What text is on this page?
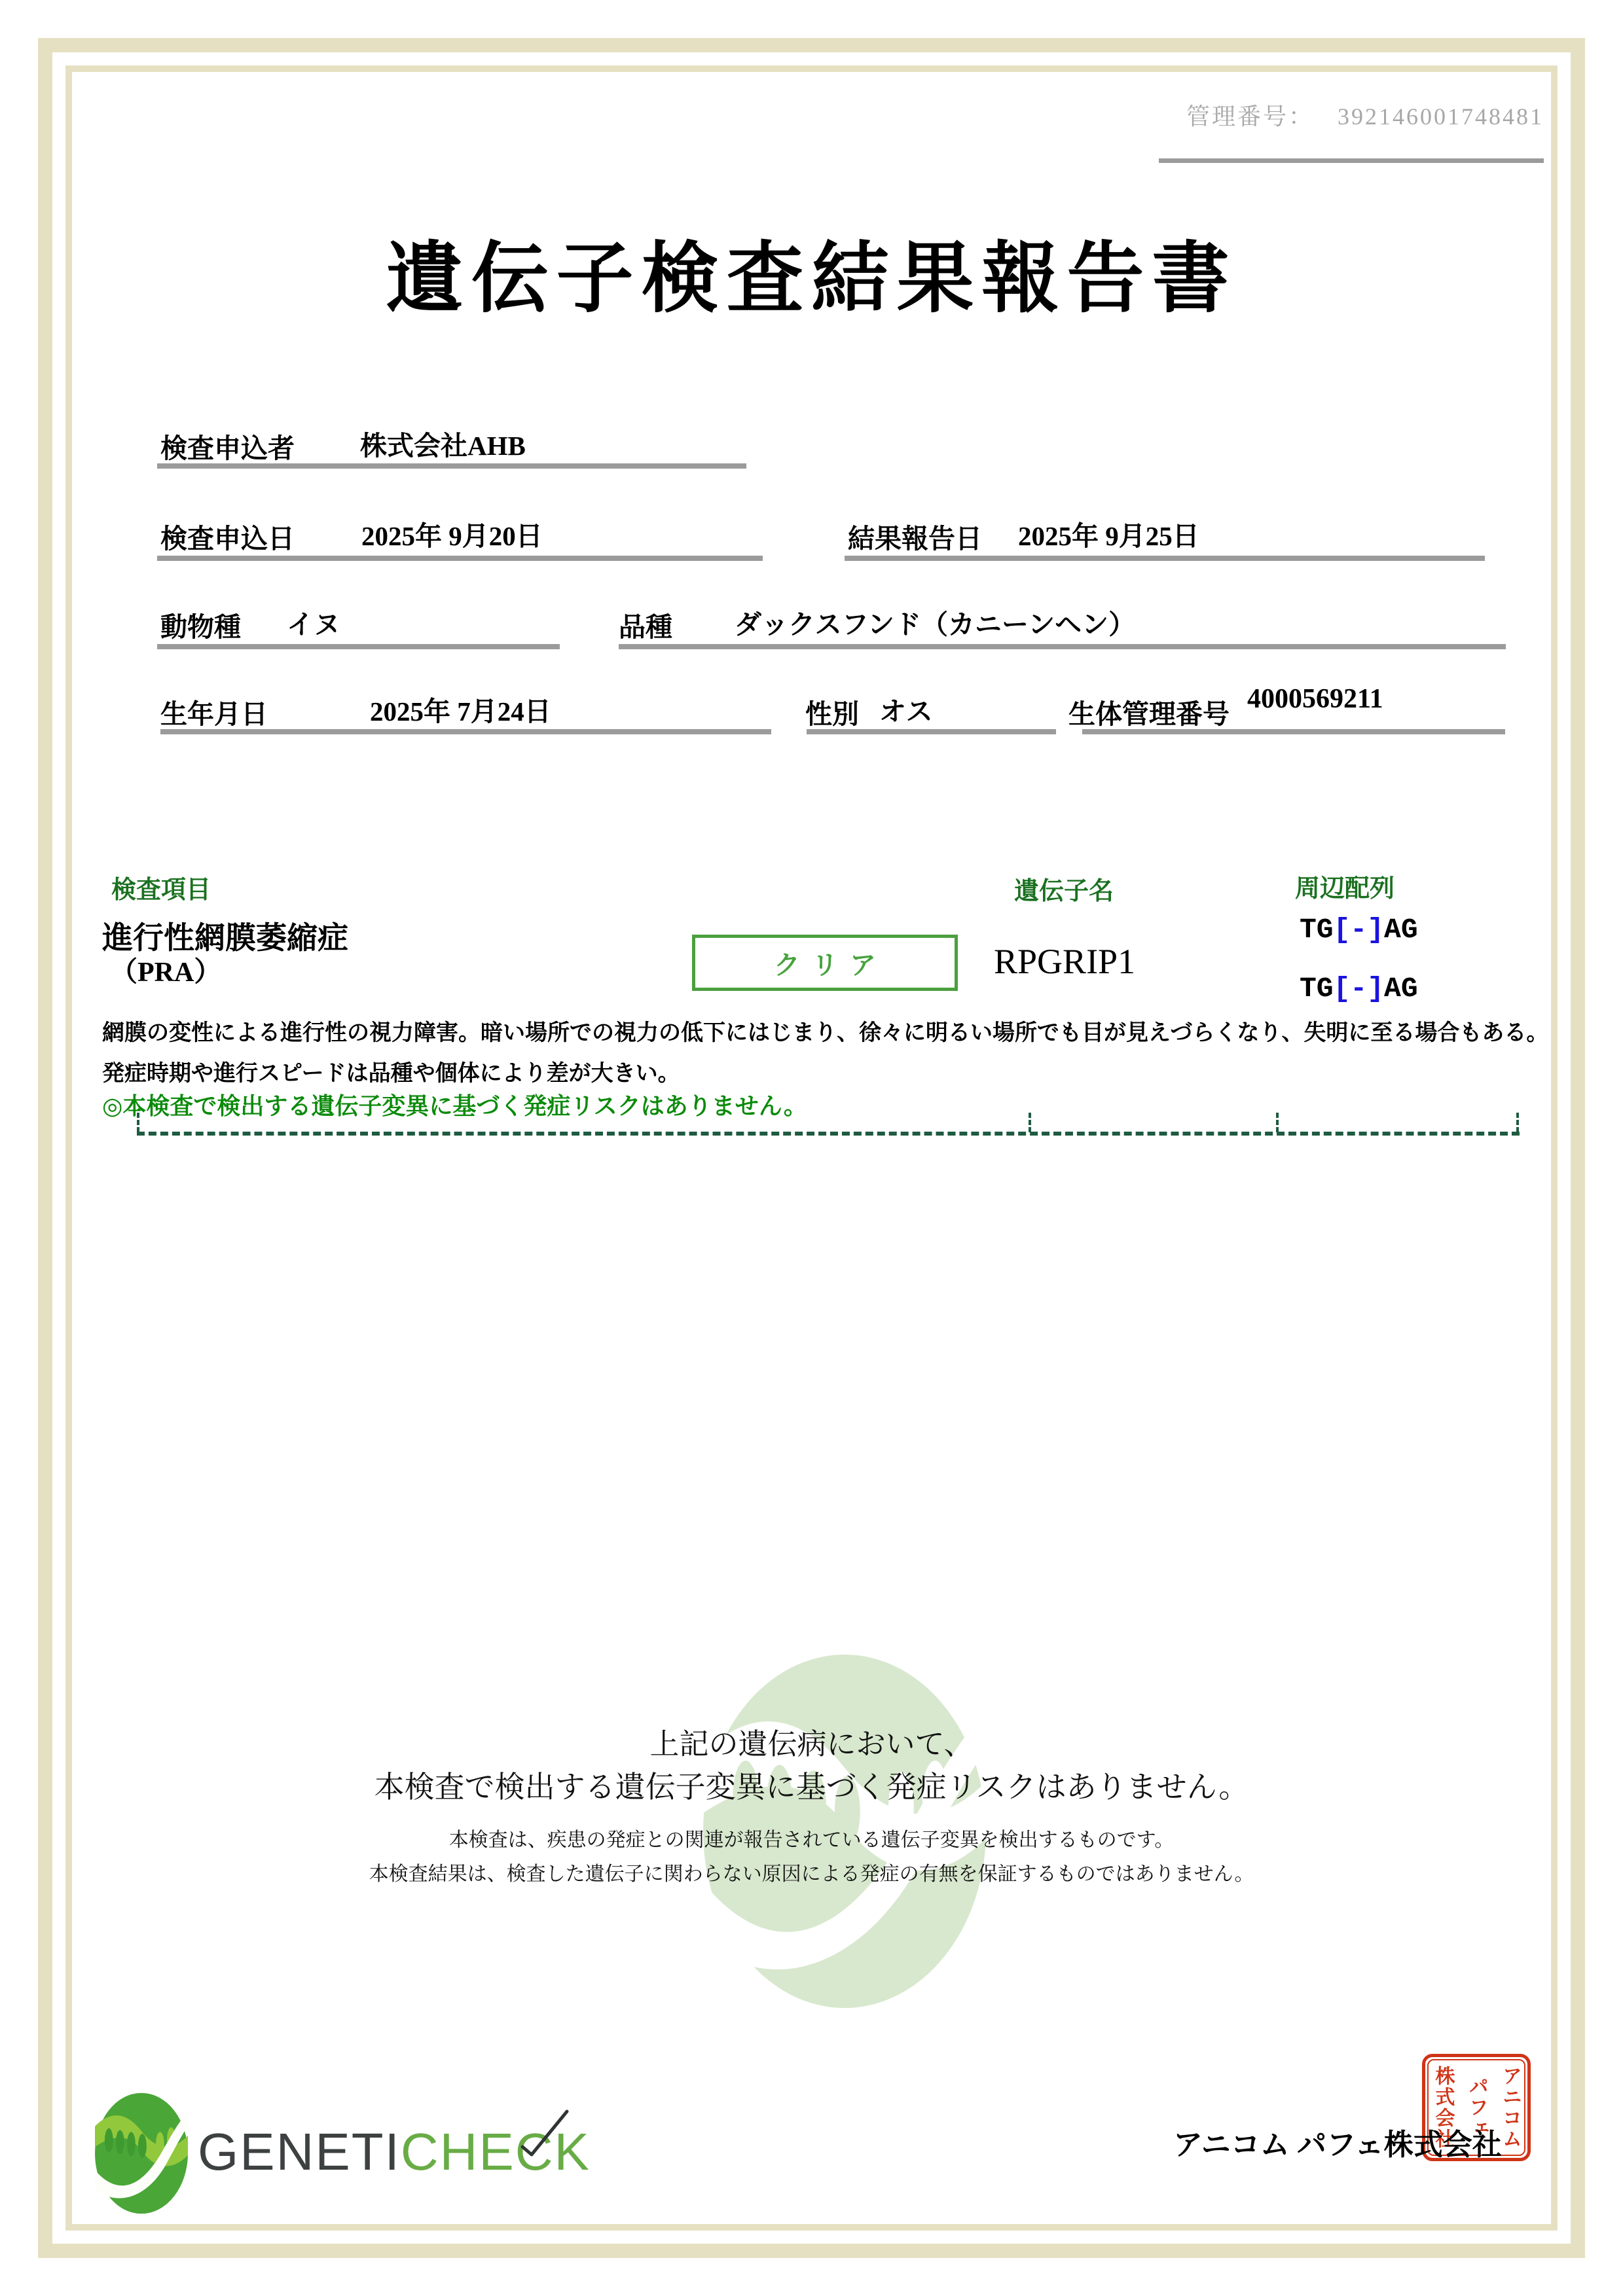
管理番号： 392146001748481
遺伝子検査結果報告書
検査申込者 株式会社AHB
検査申込日 2025年 9月20日	結果報告日 2025年 9月25日
動物種 イヌ	品種 ダックスフンド（カニーンヘン）
生年月日	2025年 7月24日	性別 オス	生体管理番号 4000569211
検査項目	遺伝子名	周辺配列
進行性網膜萎縮症
（PRA）	クリア	RPGRIP1
TG[-]AG
TG[-]AG
網膜の変性による進行性の視力障害。暗い場所での視力の低下にはじまり、徐々に明るい場所でも目が見えづらくなり、失明に至る場合もある。
発症時期や進行スピードは品種や個体により差が大きい。
◎本検査で検出する遺伝子変異に基づく発症リスクはありません。
上記の遺伝病において、
本検査で検出する遺伝子変異に基づく発症リスクはありません。
本検査は、疾患の発症との関連が報告されている遺伝子変異を検出するものです。
本検査結果は、検査した遺伝子に関わらない原因による発症の有無を保証するものではありません。
GENETICHECK	アニコム パフェ株式会社
アニコム
パフェ
株式会社
